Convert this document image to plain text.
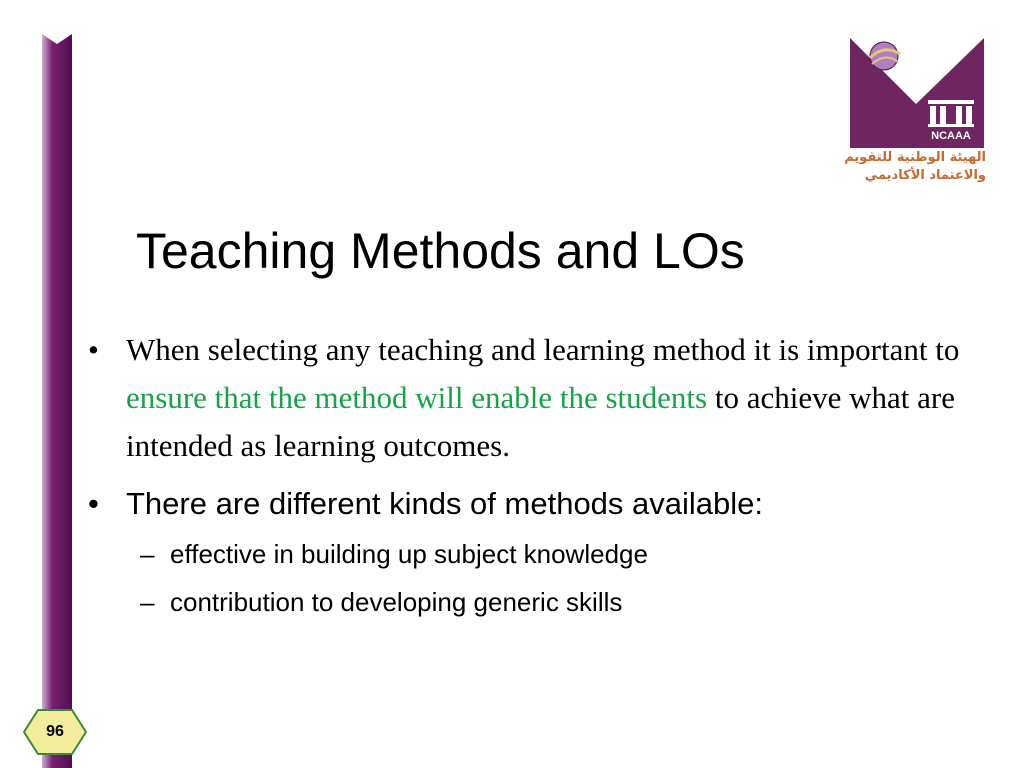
NCAAA
الهيئة الوطنية للتقويم
والاعتماد الأكاديمي
Teaching Methods and LOs
• When selecting any teaching and learning method it is important to ensure that the method will enable the students to achieve what are intended as learning outcomes.
• There are different kinds of methods available:
– effective in building up subject knowledge
– contribution to developing generic skills
96
